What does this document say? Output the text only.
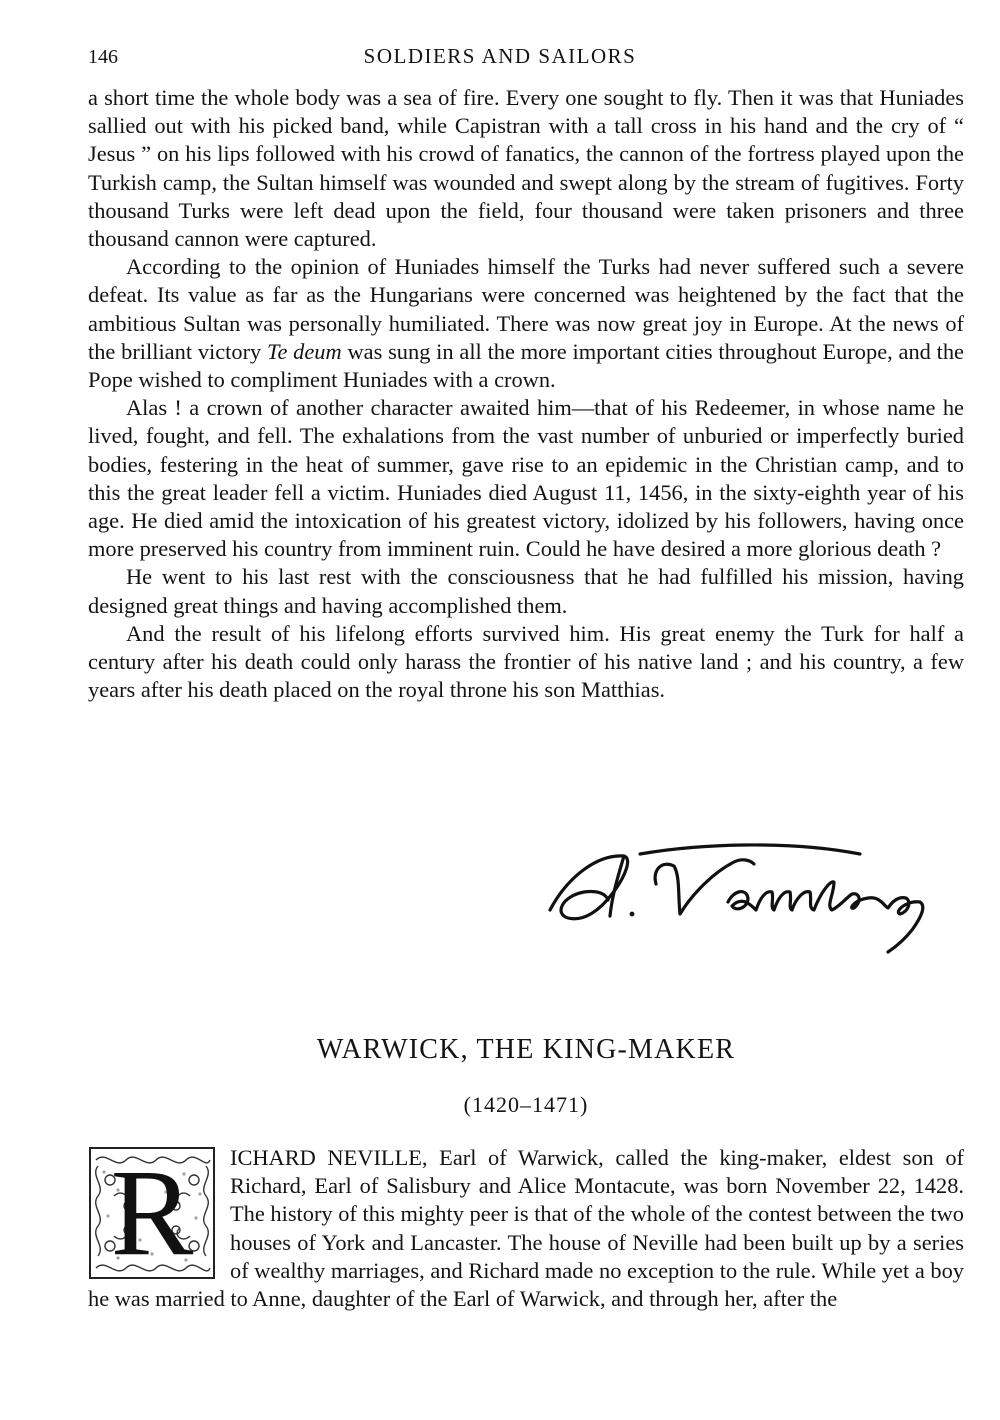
146	SOLDIERS AND SAILORS

a short time the whole body was a sea of fire. Every one sought to fly. Then it was that Huniades sallied out with his picked band, while Capistran with a tall cross in his hand and the cry of “ Jesus ” on his lips followed with his crowd of fanatics, the cannon of the fortress played upon the Turkish camp, the Sultan himself was wounded and swept along by the stream of fugitives. Forty thousand Turks were left dead upon the field, four thousand were taken prisoners and three thousand cannon were captured.

According to the opinion of Huniades himself the Turks had never suffered such a severe defeat. Its value as far as the Hungarians were concerned was heightened by the fact that the ambitious Sultan was personally humiliated. There was now great joy in Europe. At the news of the brilliant victory Te deum was sung in all the more important cities throughout Europe, and the Pope wished to compliment Huniades with a crown.

Alas ! a crown of another character awaited him—that of his Redeemer, in whose name he lived, fought, and fell. The exhalations from the vast number of unburied or imperfectly buried bodies, festering in the heat of summer, gave rise to an epidemic in the Christian camp, and to this the great leader fell a victim. Huniades died August 11, 1456, in the sixty-eighth year of his age. He died amid the intoxication of his greatest victory, idolized by his followers, having once more preserved his country from imminent ruin. Could he have desired a more glorious death ?

He went to his last rest with the consciousness that he had fulfilled his mission, having designed great things and having accomplished them.

And the result of his lifelong efforts survived him. His great enemy the Turk for half a century after his death could only harass the frontier of his native land ; and his country, a few years after his death placed on the royal throne his son Matthias.

WARWICK, THE KING-MAKER
(1420–1471)
R	ICHARD NEVILLE, Earl of Warwick, called the king-maker, eldest son of Richard, Earl of Salisbury and Alice Montacute, was born November 22, 1428. The history of this mighty peer is that of the whole of the contest between the two houses of York and Lancaster. The house of Neville had been built up by a series of wealthy marriages, and Richard made no exception to the rule. While yet a boy he was married to Anne, daughter of the Earl of Warwick, and through her, after the
